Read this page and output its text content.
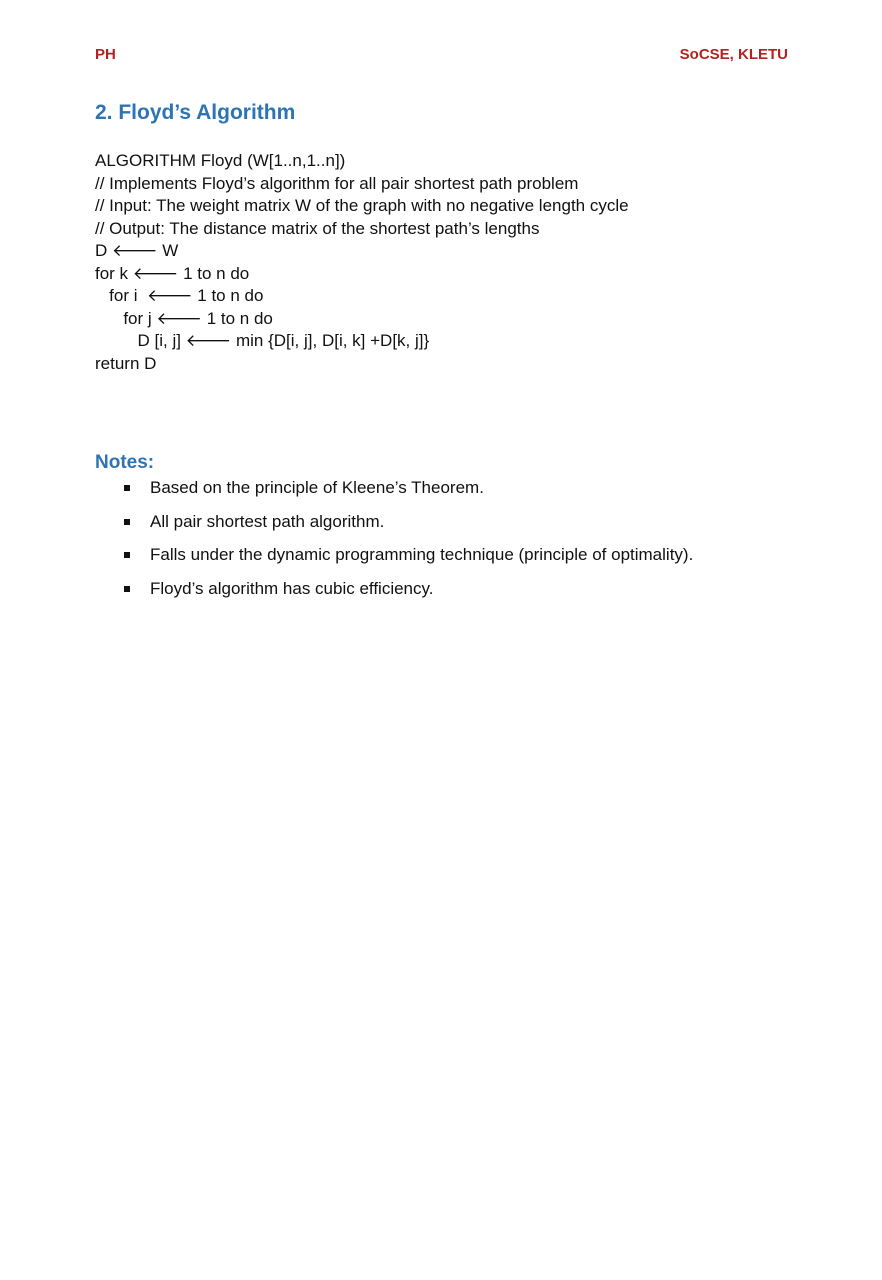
PH	SoCSE, KLETU
2. Floyd’s Algorithm
ALGORITHM Floyd (W[1..n,1..n])
// Implements Floyd’s algorithm for all pair shortest path problem
// Input: The weight matrix W of the graph with no negative length cycle
// Output: The distance matrix of the shortest path’s lengths
D 🡐 W
for k 🡐 1 to n do
for i  🡐 1 to n do
for j 🡐 1 to n do
D [i, j] 🡐 min {D[i, j], D[i, k] +D[k, j]}
return D
Notes:
Based on the principle of Kleene’s Theorem.
All pair shortest path algorithm.
Falls under the dynamic programming technique (principle of optimality).
Floyd’s algorithm has cubic efficiency.
